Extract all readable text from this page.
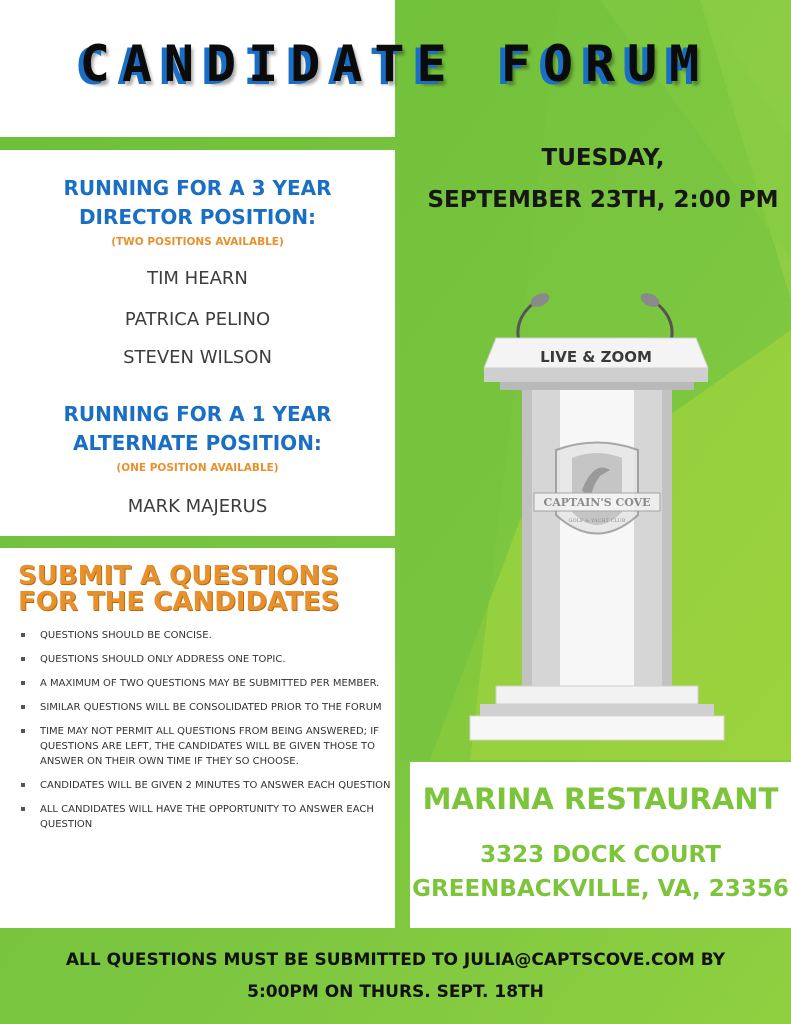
CANDIDATE FORUM
TUESDAY,
SEPTEMBER 23TH, 2:00 PM
RUNNING FOR A 3 YEAR
DIRECTOR POSITION:
(TWO POSITIONS AVAILABLE)
TIM HEARN
PATRICA PELINO
STEVEN WILSON
RUNNING FOR A 1 YEAR
ALTERNATE POSITION:
(ONE POSITION AVAILABLE)
MARK MAJERUS
SUBMIT A QUESTIONS
FOR THE CANDIDATES
QUESTIONS SHOULD BE CONCISE.
QUESTIONS SHOULD ONLY ADDRESS ONE TOPIC.
A MAXIMUM OF TWO QUESTIONS MAY BE SUBMITTED PER MEMBER.
SIMILAR QUESTIONS WILL BE CONSOLIDATED PRIOR TO THE FORUM
TIME MAY NOT PERMIT ALL QUESTIONS FROM BEING ANSWERED; IF QUESTIONS ARE LEFT, THE CANDIDATES WILL BE GIVEN THOSE TO ANSWER ON THEIR OWN TIME IF THEY SO CHOOSE.
CANDIDATES WILL BE GIVEN 2 MINUTES TO ANSWER EACH QUESTION
ALL CANDIDATES WILL HAVE THE OPPORTUNITY TO ANSWER EACH QUESTION
LIVE & ZOOM
CAPTAIN'S COVE
GOLF & YACHT CLUB
MARINA RESTAURANT
3323 DOCK COURT
GREENBACKVILLE, VA, 23356
ALL QUESTIONS MUST BE SUBMITTED TO JULIA@CAPTSCOVE.COM BY
5:00PM ON THURS. SEPT. 18TH
